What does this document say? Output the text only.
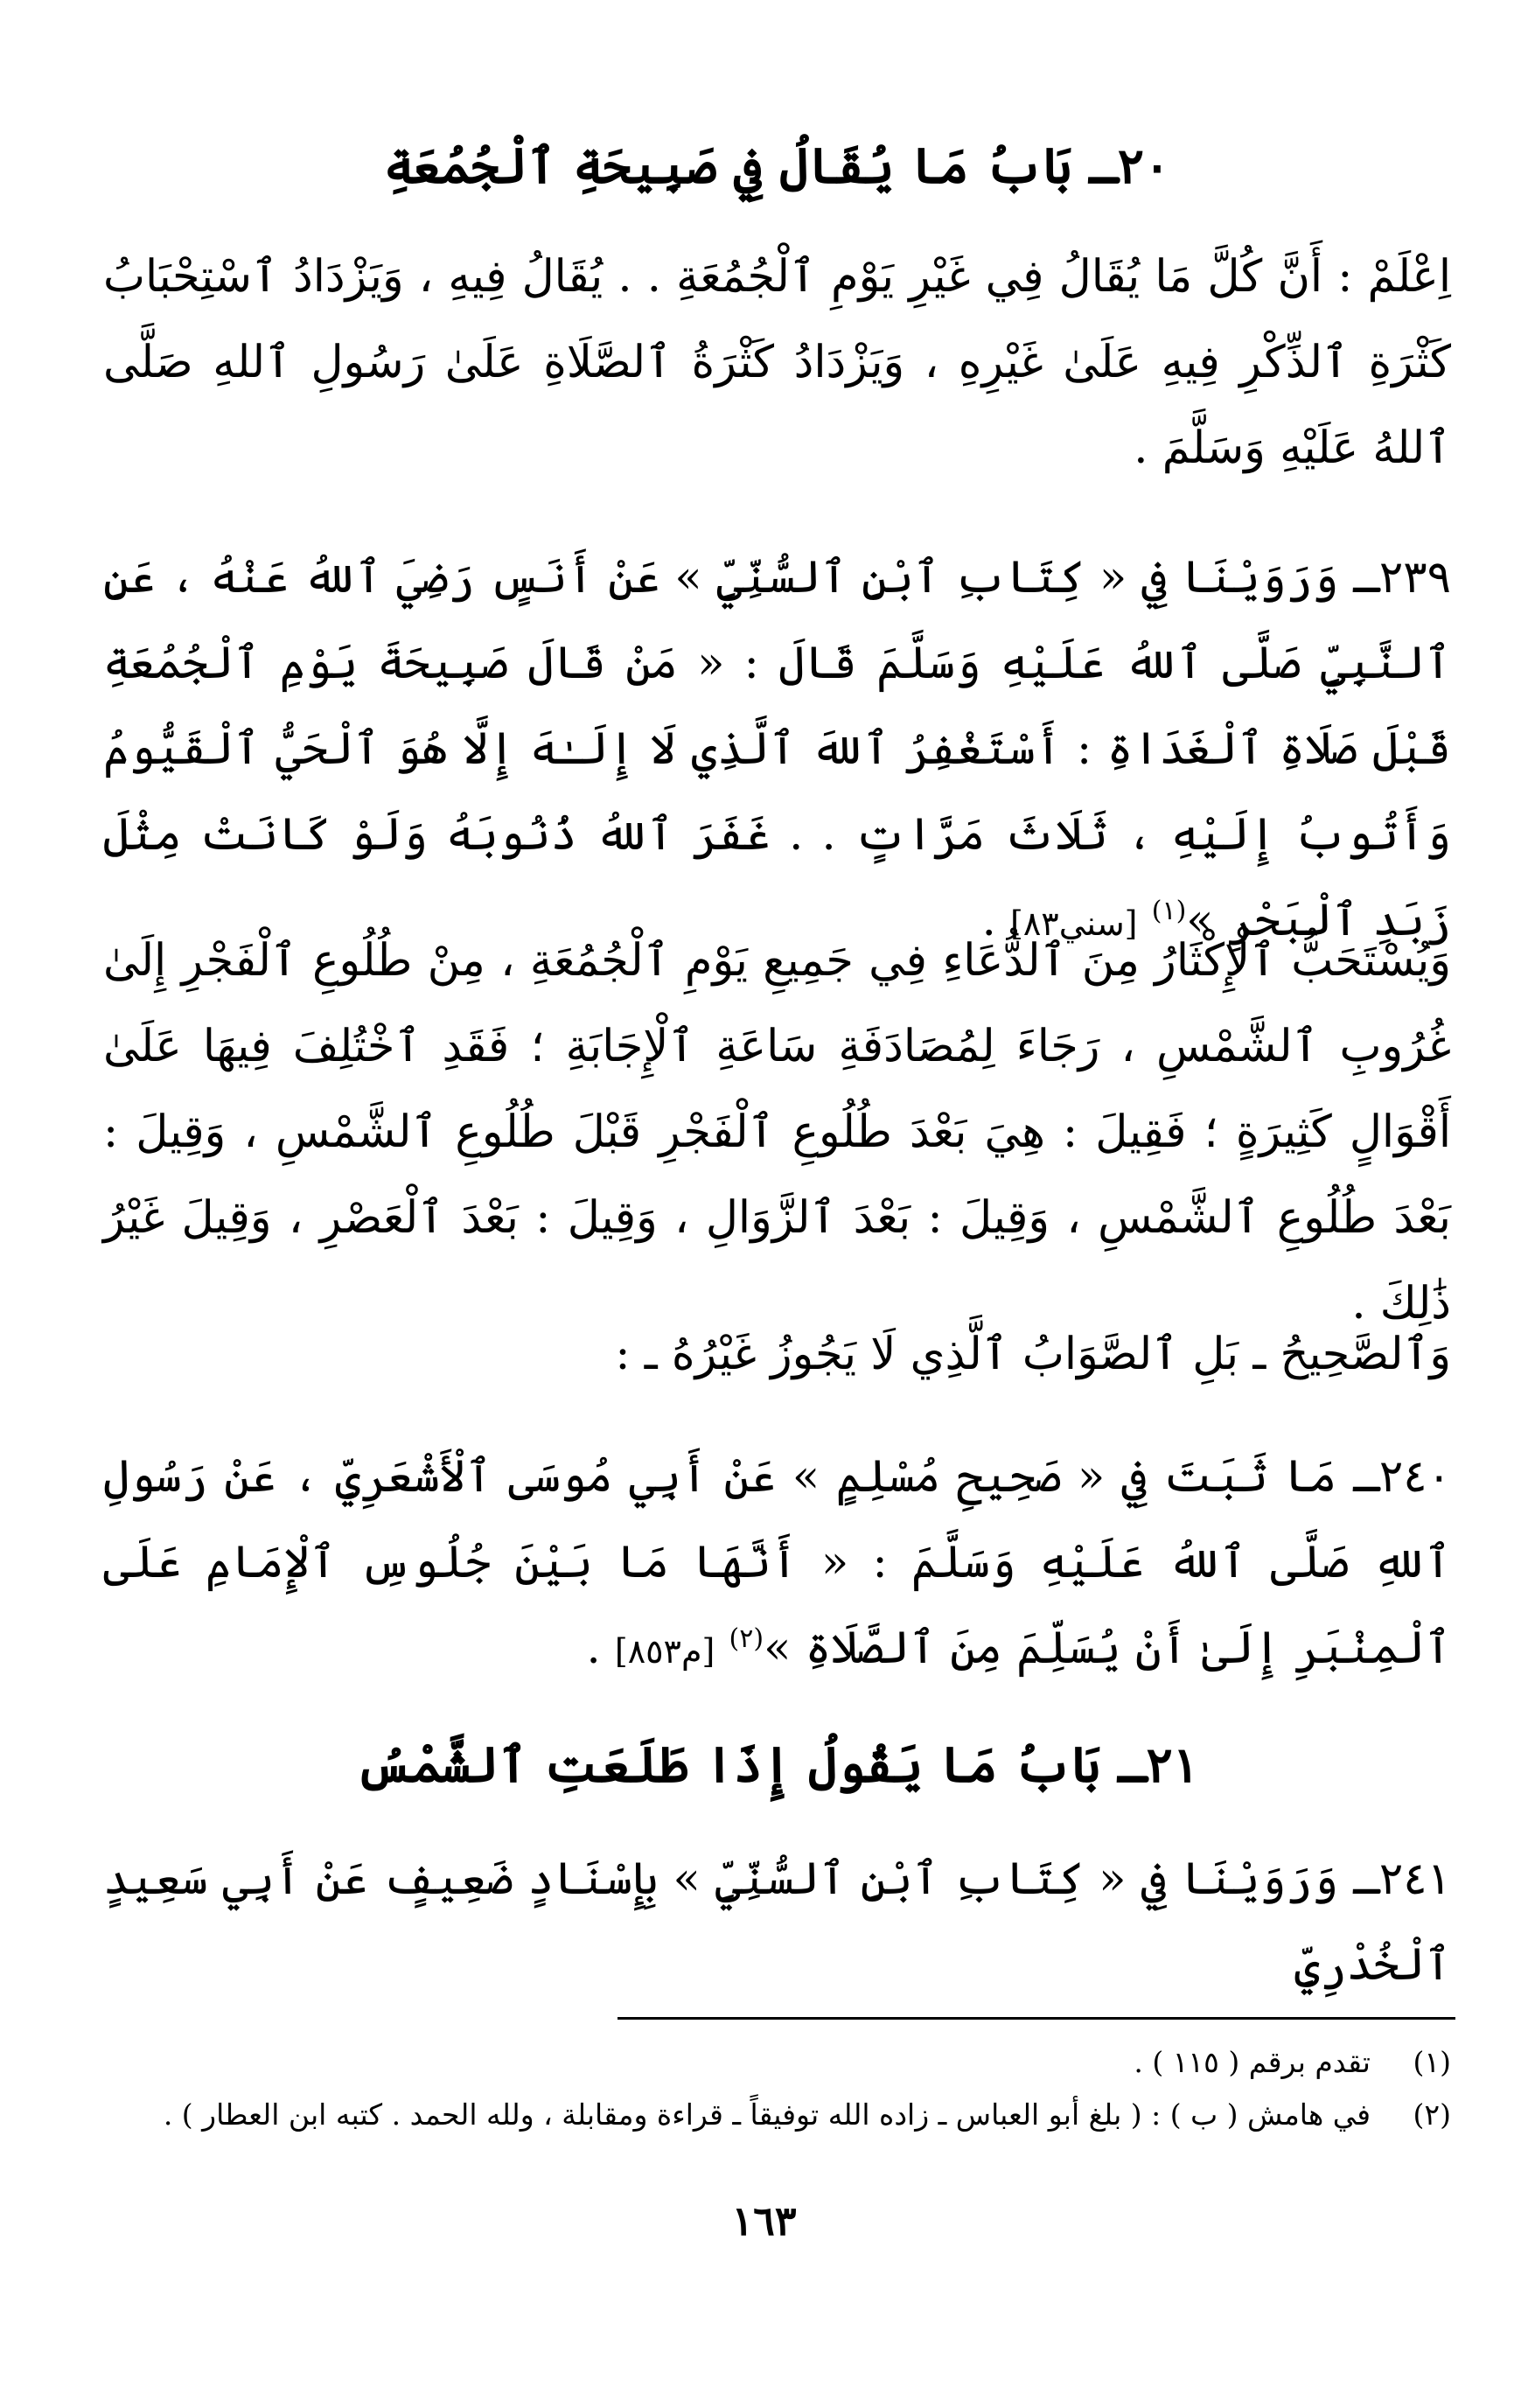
٢٠ـ بَابُ مَا يُقَالُ فِي صَبِيحَةِ ٱلْجُمُعَةِ

اِعْلَمْ : أَنَّ كُلَّ مَا يُقَالُ فِي غَيْرِ يَوْمِ ٱلْجُمُعَةِ . . يُقَالُ فِيهِ ، وَيَزْدَادُ ٱسْتِحْبَابُ كَثْرَةِ ٱلذِّكْرِ فِيهِ عَلَىٰ غَيْرِهِ ، وَيَزْدَادُ كَثْرَةُ ٱلصَّلَاةِ عَلَىٰ رَسُولِ ٱللهِ صَلَّى ٱللهُ عَلَيْهِ وَسَلَّمَ .

٢٣٩ـ وَرَوَيْنَا فِي « كِتَابِ ٱبْنِ ٱلسُّنِّيِّ » عَنْ أَنَسٍ رَضِيَ ٱللهُ عَنْهُ ، عَنِ ٱلنَّبِيِّ صَلَّى ٱللهُ عَلَيْهِ وَسَلَّمَ قَالَ : « مَنْ قَالَ صَبِيحَةَ يَوْمِ ٱلْجُمُعَةِ قَبْلَ صَلَاةِ ٱلْغَدَاةِ : أَسْتَغْفِرُ ٱللهَ ٱلَّذِي لَا إِلَـٰهَ إِلَّا هُوَ ٱلْحَيُّ ٱلْقَيُّومُ وَأَتُوبُ إِلَيْهِ ، ثَلَاثَ مَرَّاتٍ . . غَفَرَ ٱللهُ ذُنُوبَهُ وَلَوْ كَانَتْ مِثْلَ زَبَدِ ٱلْبَحْرِ »$^{(١)}$ [سني٨٣] .

وَيُسْتَحَبُّ ٱلْإِكْثَارُ مِنَ ٱلدُّعَاءِ فِي جَمِيعِ يَوْمِ ٱلْجُمُعَةِ ، مِنْ طُلُوعِ ٱلْفَجْرِ إِلَىٰ غُرُوبِ ٱلشَّمْسِ ، رَجَاءَ لِمُصَادَفَةِ سَاعَةِ ٱلْإِجَابَةِ ؛ فَقَدِ ٱخْتُلِفَ فِيهَا عَلَىٰ أَقْوَالٍ كَثِيرَةٍ ؛ فَقِيلَ : هِيَ بَعْدَ طُلُوعِ ٱلْفَجْرِ قَبْلَ طُلُوعِ ٱلشَّمْسِ ، وَقِيلَ : بَعْدَ طُلُوعِ ٱلشَّمْسِ ، وَقِيلَ : بَعْدَ ٱلزَّوَالِ ، وَقِيلَ : بَعْدَ ٱلْعَصْرِ ، وَقِيلَ غَيْرُ ذَٰلِكَ .

وَٱلصَّحِيحُ ـ بَلِ ٱلصَّوَابُ ٱلَّذِي لَا يَجُوزُ غَيْرُهُ ـ :

٢٤٠ـ مَا ثَبَتَ فِي « صَحِيحِ مُسْلِمٍ » عَنْ أَبِي مُوسَى ٱلْأَشْعَرِيِّ ، عَنْ رَسُولِ ٱللهِ صَلَّى ٱللهُ عَلَيْهِ وَسَلَّمَ : « أَنَّهَا مَا بَيْنَ جُلُوسِ ٱلْإِمَامِ عَلَى ٱلْمِنْبَرِ إِلَىٰ أَنْ يُسَلِّمَ مِنَ ٱلصَّلَاةِ »$^{(٢)}$ [م٨٥٣] .

٢١ـ بَابُ مَا يَقُولُ إِذَا طَلَعَتِ ٱلشَّمْسُ

٢٤١ـ وَرَوَيْنَا فِي « كِتَابِ ٱبْنِ ٱلسُّنِّيِّ » بِإِسْنَادٍ ضَعِيفٍ عَنْ أَبِي سَعِيدٍ ٱلْخُدْرِيِّ

(١)تقدم برقم ( ١١٥ ) .
(٢)في هامش ( ب ) : ( بلغ أبو العباس ـ زاده الله توفيقاً ـ قراءة ومقابلة ، ولله الحمد . كتبه ابن العطار ) .
١٦٣
